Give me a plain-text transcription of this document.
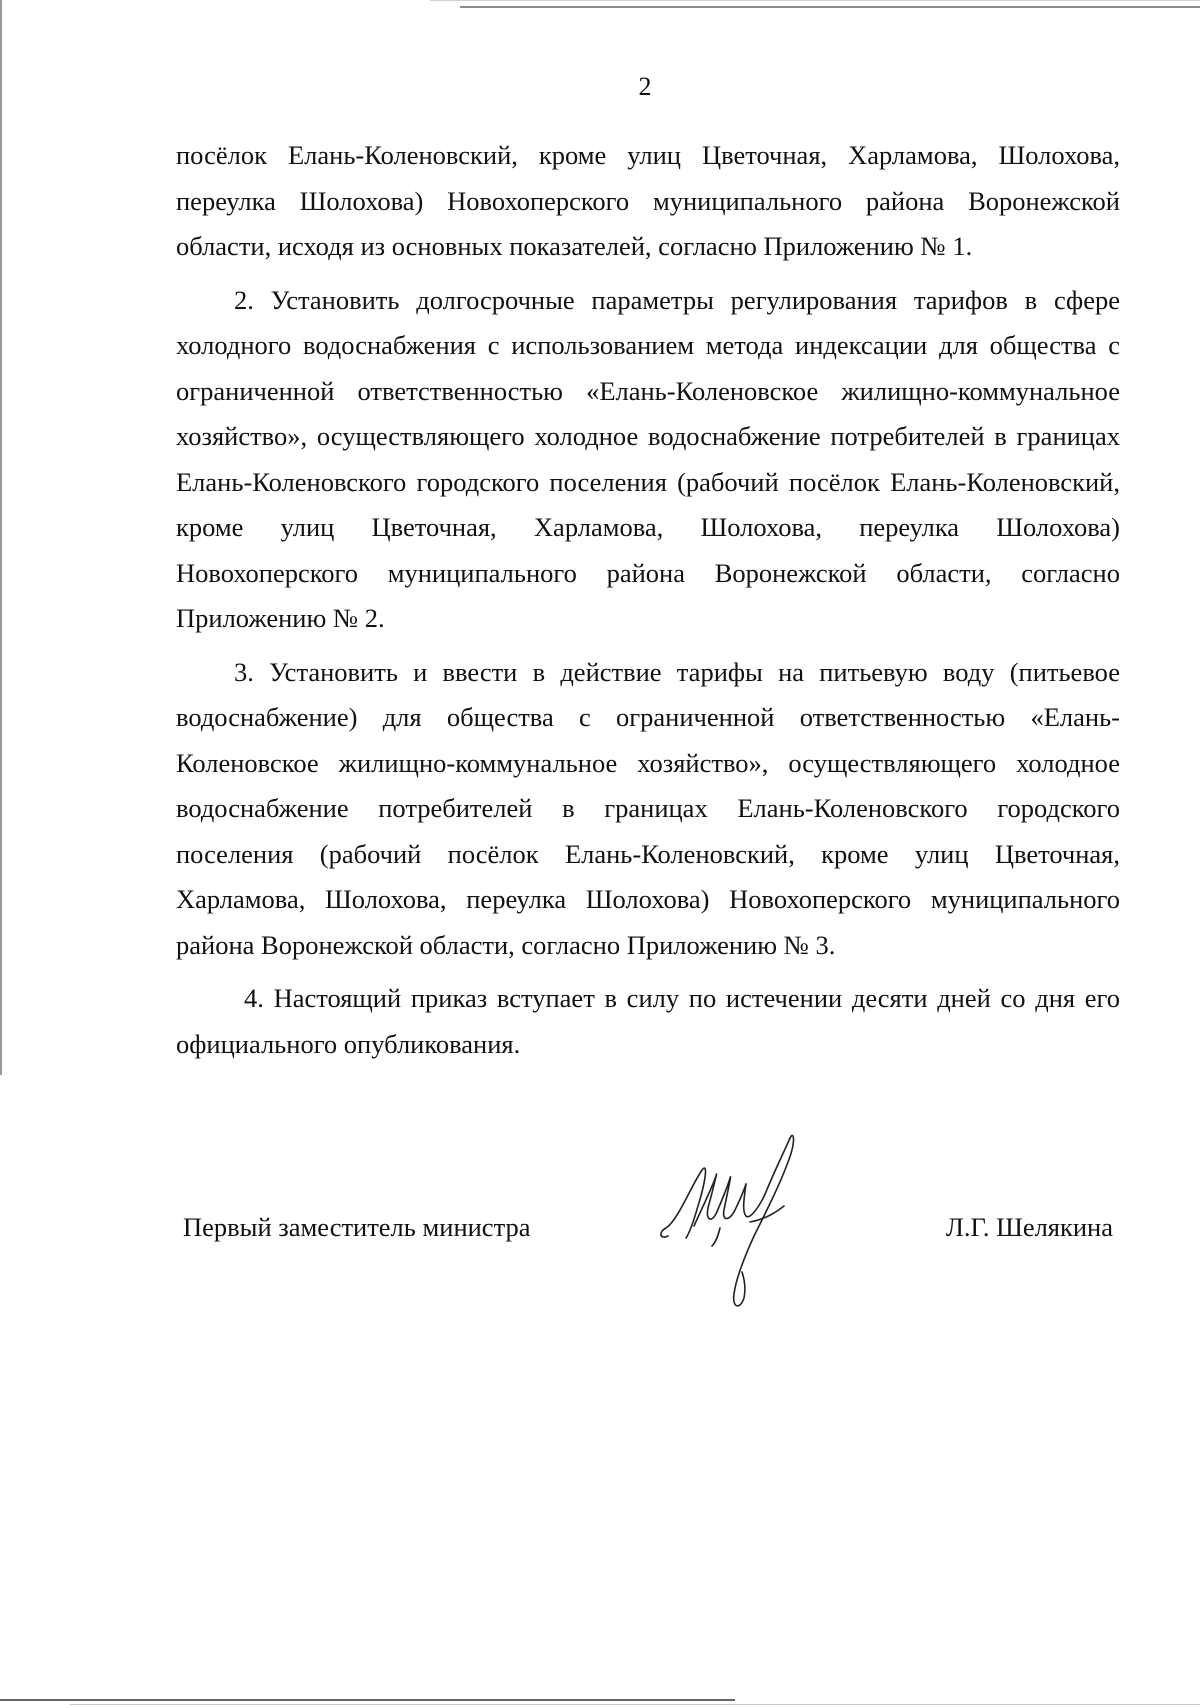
2

посёлок Елань-Коленовский, кроме улиц Цветочная, Харламова, Шолохова, переулка Шолохова) Новохоперского муниципального района Воронежской области, исходя из основных показателей, согласно Приложению № 1.

2. Установить долгосрочные параметры регулирования тарифов в сфере холодного водоснабжения с использованием метода индексации для общества с ограниченной ответственностью «Елань-Коленовское жилищно-коммунальное хозяйство», осуществляющего холодное водоснабжение потребителей в границах Елань-Коленовского городского поселения (рабочий посёлок Елань-Коленовский, кроме улиц Цветочная, Харламова, Шолохова, переулка Шолохова) Новохоперского муниципального района Воронежской области, согласно Приложению № 2.

3. Установить и ввести в действие тарифы на питьевую воду (питьевое водоснабжение) для общества с ограниченной ответственностью «Елань-Коленовское жилищно-коммунальное хозяйство», осуществляющего холодное водоснабжение потребителей в границах Елань-Коленовского городского поселения (рабочий посёлок Елань-Коленовский, кроме улиц Цветочная, Харламова, Шолохова, переулка Шолохова) Новохоперского муниципального района Воронежской области, согласно Приложению № 3.

4. Настоящий приказ вступает в силу по истечении десяти дней со дня его официального опубликования.

Первый заместитель министра	Л.Г. Шелякина
